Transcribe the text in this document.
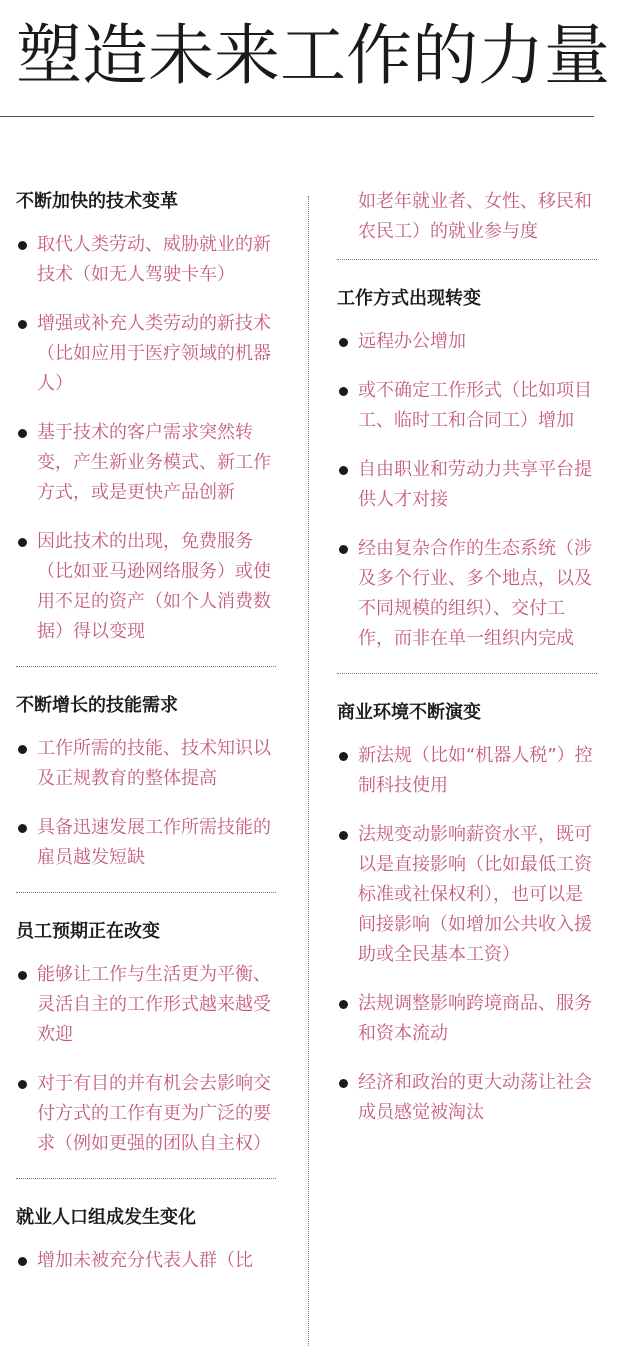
塑造未来工作的力量
不断加快的技术变革
取代人类劳动、威胁就业的新技术（如无人驾驶卡车）
增强或补充人类劳动的新技术（比如应用于医疗领域的机器人）
基于技术的客户需求突然转变，产生新业务模式、新工作方式，或是更快产品创新
因此技术的出现，免费服务（比如亚马逊网络服务）或使用不足的资产（如个人消费数据）得以变现
不断增长的技能需求
工作所需的技能、技术知识以及正规教育的整体提高
具备迅速发展工作所需技能的雇员越发短缺
员工预期正在改变
能够让工作与生活更为平衡、灵活自主的工作形式越来越受欢迎
对于有目的并有机会去影响交付方式的工作有更为广泛的要求（例如更强的团队自主权）
就业人口组成发生变化
增加未被充分代表人群（比
如老年就业者、女性、移民和农民工）的就业参与度
工作方式出现转变
远程办公增加
或不确定工作形式（比如项目工、临时工和合同工）增加
自由职业和劳动力共享平台提供人才对接
经由复杂合作的生态系统（涉及多个行业、多个地点，以及不同规模的组织）、交付工作，而非在单一组织内完成
商业环境不断演变
新法规（比如“机器人税”）控制科技使用
法规变动影响薪资水平，既可以是直接影响（比如最低工资标准或社保权利），也可以是间接影响（如增加公共收入援助或全民基本工资）
法规调整影响跨境商品、服务和资本流动
经济和政治的更大动荡让社会成员感觉被淘汰
